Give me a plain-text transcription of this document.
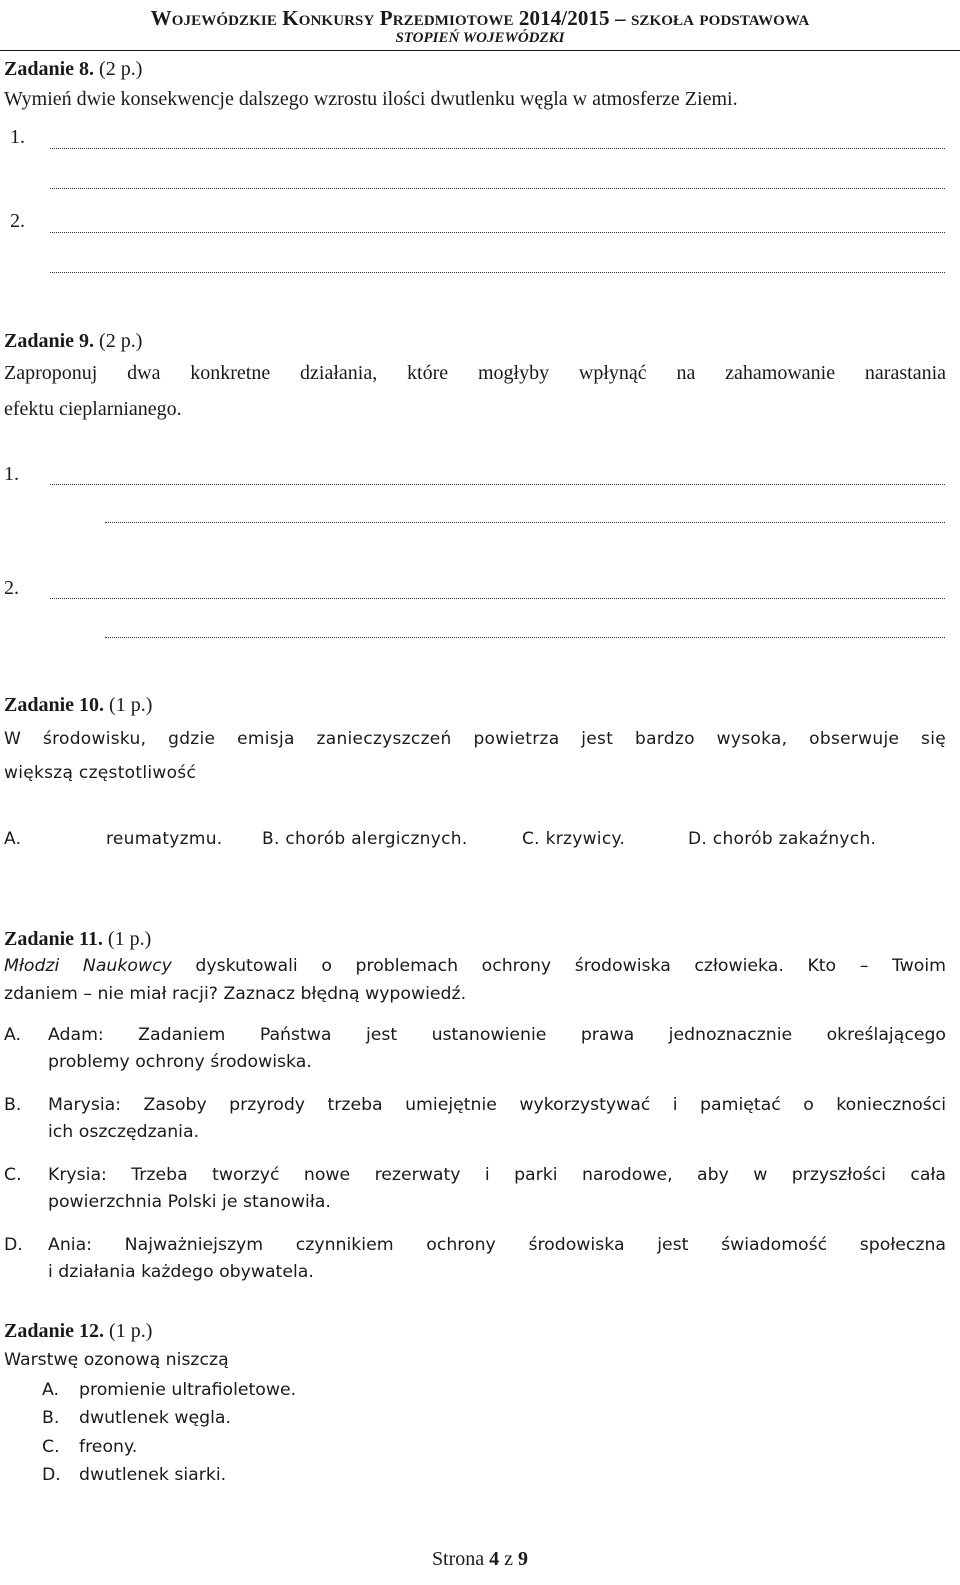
Wojewódzkie Konkursy Przedmiotowe 2014/2015 – szkoła podstawowa
STOPIEŃ WOJEWÓDZKI
Zadanie 8. (2 p.)
Wymień dwie konsekwencje dalszego wzrostu ilości dwutlenku węgla w atmosferze Ziemi.
1.
2.
Zadanie 9. (2 p.)
Zaproponuj dwa konkretne działania, które mogłyby wpłynąć na zahamowanie narastania
efektu cieplarnianego.
1.
2.
Zadanie 10. (1 p.)
W środowisku, gdzie emisja zanieczyszczeń powietrza jest bardzo wysoka, obserwuje się
większą częstotliwość
A.	reumatyzmu. B. chorób alergicznych.	C. krzywicy.	D. chorób zakaźnych.
Zadanie 11. (1 p.)
Młodzi Naukowcy dyskutowali o problemach ochrony środowiska człowieka. Kto – Twoim
zdaniem – nie miał racji? Zaznacz błędną wypowiedź.
A. Adam: Zadaniem Państwa jest ustanowienie prawa jednoznacznie określającego
problemy ochrony środowiska.
B. Marysia: Zasoby przyrody trzeba umiejętnie wykorzystywać i pamiętać o konieczności
ich oszczędzania.
C. Krysia: Trzeba tworzyć nowe rezerwaty i parki narodowe, aby w przyszłości cała
powierzchnia Polski je stanowiła.
D. Ania: Najważniejszym czynnikiem ochrony środowiska jest świadomość społeczna
i działania każdego obywatela.
Zadanie 12. (1 p.)
Warstwę ozonową niszczą
A. promienie ultrafioletowe.
B. dwutlenek węgla.
C. freony.
D. dwutlenek siarki.
Strona 4 z 9
